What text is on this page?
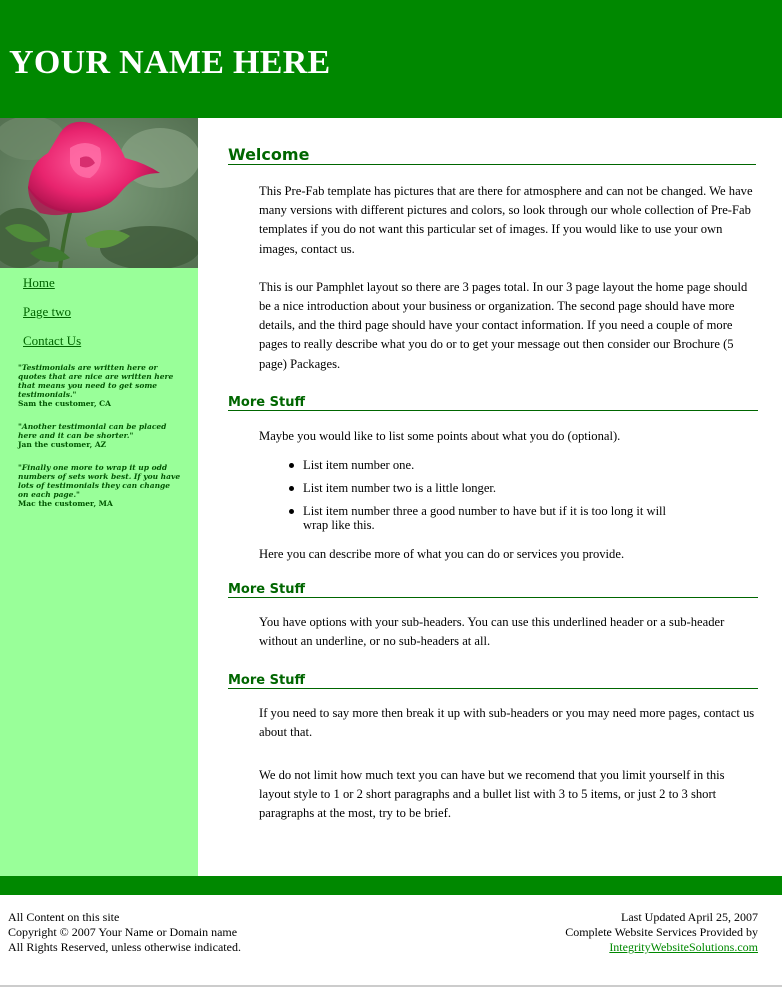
YOUR NAME HERE
Home
Page two
Contact Us
"Testimonials are written here or quotes that are nice are written here that means you need to get some testimonials."
Sam the customer, CA
"Another testimonial can be placed here and it can be shorter."
Jan the customer, AZ
"Finally one more to wrap it up odd numbers of sets work best. If you have lots of testimonials they can change on each page."
Mac the customer, MA
Welcome

This Pre-Fab template has pictures that are there for atmosphere and can not be changed. We have many versions with different pictures and colors, so look through our whole collection of Pre-Fab templates if you do not want this particular set of images. If you would like to use your own images, contact us.

This is our Pamphlet layout so there are 3 pages total. In our 3 page layout the home page should be a nice introduction about your business or organization. The second page should have more details, and the third page should have your contact information. If you need a couple of more pages to really describe what you do or to get your message out then consider our Brochure (5 page) Packages.

More Stuff

Maybe you would like to list some points about what you do (optional).

List item number one.
List item number two is a little longer.
List item number three a good number to have but if it is too long it will wrap like this.

Here you can describe more of what you can do or services you provide.

More Stuff

You have options with your sub-headers. You can use this underlined header or a sub-header without an underline, or no sub-headers at all.

More Stuff

If you need to say more then break it up with sub-headers or you may need more pages, contact us about that.

We do not limit how much text you can have but we recomend that you limit yourself in this layout style to 1 or 2 short paragraphs and a bullet list with 3 to 5 items, or just 2 to 3 short paragraphs at the most, try to be brief.

All Content on this site
Copyright © 2007 Your Name or Domain name
All Rights Reserved, unless otherwise indicated.
Last Updated April 25, 2007
Complete Website Services Provided by
IntegrityWebsiteSolutions.com
